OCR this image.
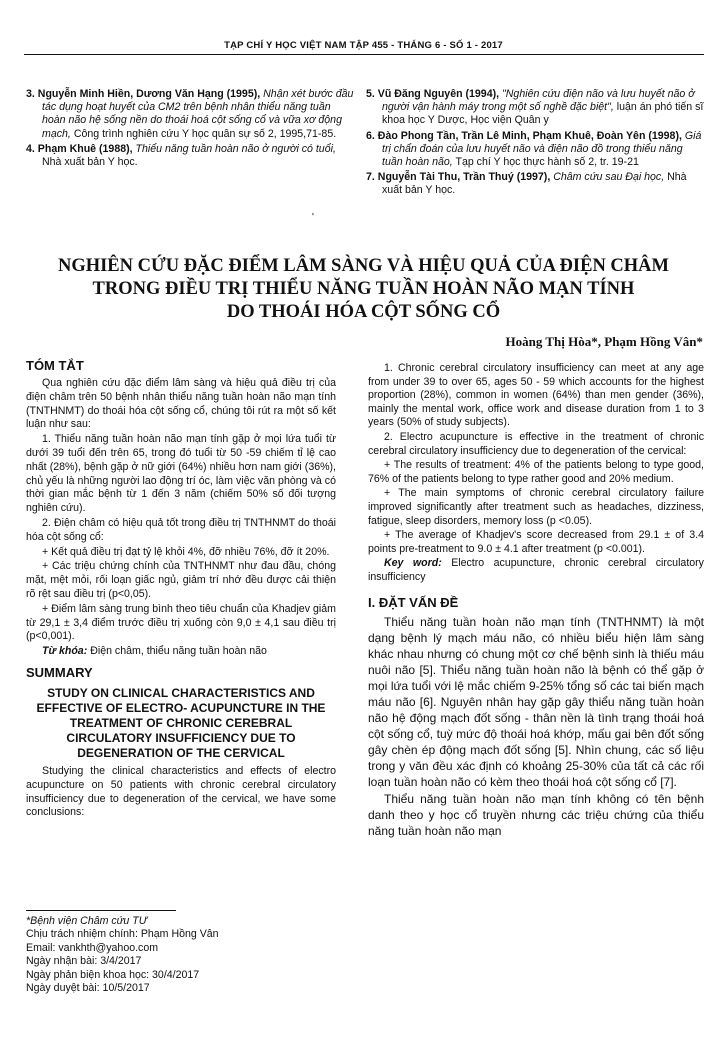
TẠP CHÍ Y HỌC VIỆT NAM TẬP 455 - THÁNG 6 - SỐ 1 - 2017

3. Nguyễn Minh Hiền, Dương Văn Hạng (1995), Nhận xét bước đầu tác dụng hoạt huyết của CM2 trên bệnh nhân thiểu năng tuần hoàn não hệ sống nền do thoái hoá cột sống cổ và vữa xơ động mạch, Công trình nghiên cứu Y học quân sự số 2, 1995,71-85.

4. Phạm Khuê (1988), Thiểu năng tuần hoàn não ở người có tuổi, Nhà xuất bản Y học.

5. Vũ Đăng Nguyên (1994), "Nghiên cứu điện não và lưu huyết não ở người vận hành máy trong một số nghề đặc biệt", luận án phó tiến sĩ khoa học Y Dược, Học viện Quân y

6. Đào Phong Tần, Trần Lê Minh, Phạm Khuê, Đoàn Yên (1998), Giá trị chẩn đoán của lưu huyết não và điện não đồ trong thiểu năng tuần hoàn não, Tạp chí Y học thực hành số 2, tr. 19-21

7. Nguyễn Tài Thu, Trần Thuý (1997), Châm cứu sau Đại học, Nhà xuất bản Y học.

'
NGHIÊN CỨU ĐẶC ĐIỂM LÂM SÀNG VÀ HIỆU QUẢ CỦA ĐIỆN CHÂM
TRONG ĐIỀU TRỊ THIỂU NĂNG TUẦN HOÀN NÃO MẠN TÍNH
DO THOÁI HÓA CỘT SỐNG CỔ
Hoàng Thị Hòa*, Phạm Hồng Vân*
TÓM TẮT

Qua nghiên cứu đặc điểm lâm sàng và hiệu quả điều trị của điện châm trên 50 bệnh nhân thiểu năng tuần hoàn não mạn tính (TNTHNMT) do thoái hóa cột sống cổ, chúng tôi rút ra một số kết luận như sau:

1. Thiểu năng tuần hoàn não mạn tính gặp ở mọi lứa tuổi từ dưới 39 tuổi đến trên 65, trong đó tuổi từ 50 -59 chiếm tỉ lệ cao nhất (28%), bệnh gặp ở nữ giới (64%) nhiều hơn nam giới (36%), chủ yếu là những người lao động trí óc, làm việc văn phòng và có thời gian mắc bệnh từ 1 đến 3 năm (chiếm 50% số đối tượng nghiên cứu).

2. Điện châm có hiệu quả tốt trong điều trị TNTHNMT do thoái hóa cột sống cổ:

+ Kết quả điều trị đạt tỷ lệ khỏi 4%, đỡ nhiều 76%, đỡ ít 20%.

+ Các triệu chứng chính của TNTHNMT như đau đầu, chóng mặt, mệt mỏi, rối loạn giấc ngủ, giảm trí nhớ đều được cải thiện rõ rệt sau điều trị (p<0,05).

+ Điểm lâm sàng trung bình theo tiêu chuẩn của Khadjev giảm từ 29,1 ± 3,4 điểm trước điều trị xuống còn 9,0 ± 4,1 sau điều trị (p<0,001).

Từ khóa: Điện châm, thiểu năng tuần hoàn não

SUMMARY
STUDY ON CLINICAL CHARACTERISTICS AND EFFECTIVE OF ELECTRO- ACUPUNCTURE IN THE TREATMENT OF CHRONIC CEREBRAL CIRCULATORY INSUFFICIENCY DUE TO DEGENERATION OF THE CERVICAL

Studying the clinical characteristics and effects of electro acupuncture on 50 patients with chronic cerebral circulatory insufficiency due to degeneration of the cervical, we have some conclusions:

*Bệnh viện Châm cứu TƯ

Chịu trách nhiệm chính: Phạm Hồng Vân

Email: vankhth@yahoo.com

Ngày nhận bài: 3/4/2017

Ngày phản biện khoa học: 30/4/2017

Ngày duyệt bài: 10/5/2017

1. Chronic cerebral circulatory insufficiency can meet at any age from under 39 to over 65, ages 50 - 59 which accounts for the highest proportion (28%), common in women (64%) than men gender (36%), mainly the mental work, office work and disease duration from 1 to 3 years (50% of study subjects).

2. Electro acupuncture is effective in the treatment of chronic cerebral circulatory insufficiency due to degeneration of the cervical:

+ The results of treatment: 4% of the patients belong to type good, 76% of the patients belong to type rather good and 20% medium.

+ The main symptoms of chronic cerebral circulatory failure improved significantly after treatment such as headaches, dizziness, fatigue, sleep disorders, memory loss (p <0.05).

+ The average of Khadjev's score decreased from 29.1 ± of 3.4 points pre-treatment to 9.0 ± 4.1 after treatment (p <0.001).

Key word: Electro acupuncture, chronic cerebral circulatory insufficiency

I. ĐẶT VẤN ĐỀ

Thiểu năng tuần hoàn não mạn tính (TNTHNMT) là một dạng bệnh lý mạch máu não, có nhiều biểu hiện lâm sàng khác nhau nhưng có chung một cơ chế bệnh sinh là thiếu máu nuôi não [5]. Thiểu năng tuần hoàn não là bệnh có thể gặp ở mọi lứa tuổi với lệ mắc chiếm 9-25% tổng số các tai biến mạch máu não [6]. Nguyên nhân hay gặp gây thiểu năng tuần hoàn não hệ động mạch đốt sống - thân nền là tình trạng thoái hoá cột sống cổ, tuỳ mức độ thoái hoá khớp, mấu gai bên đốt sống gây chèn ép động mạch đốt sống [5]. Nhìn chung, các số liệu trong y văn đều xác định có khoảng 25-30% của tất cả các rối loạn tuần hoàn não có kèm theo thoái hoá cột sống cổ [7].

Thiểu năng tuần hoàn não mạn tính không có tên bệnh danh theo y học cổ truyền nhưng các triệu chứng của thiểu năng tuần hoàn não mạn
